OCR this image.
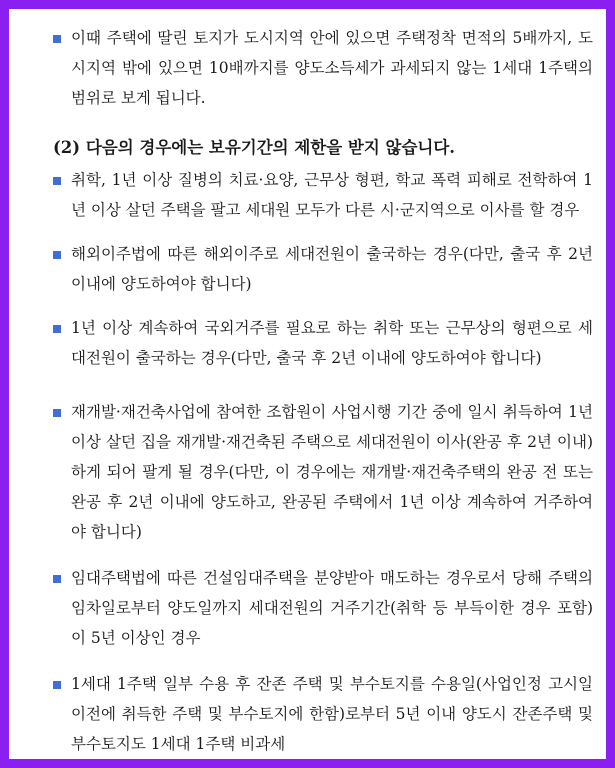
이때 주택에 딸린 토지가 도시지역 안에 있으면 주택정착 면적의 5배까지, 도시지역 밖에 있으면 10배까지를 양도소득세가 과세되지 않는 1세대 1주택의 범위로 보게 됩니다.

(2) 다음의 경우에는 보유기간의 제한을 받지 않습니다.

취학, 1년 이상 질병의 치료·요양, 근무상 형편, 학교 폭력 피해로 전학하여 1년 이상 살던 주택을 팔고 세대원 모두가 다른 시·군지역으로 이사를 할 경우

해외이주법에 따른 해외이주로 세대전원이 출국하는 경우(다만, 출국 후 2년 이내에 양도하여야 합니다)

1년 이상 계속하여 국외거주를 필요로 하는 취학 또는 근무상의 형편으로 세대전원이 출국하는 경우(다만, 출국 후 2년 이내에 양도하여야 합니다)

재개발·재건축사업에 참여한 조합원이 사업시행 기간 중에 일시 취득하여 1년 이상 살던 집을 재개발·재건축된 주택으로 세대전원이 이사(완공 후 2년 이내)하게 되어 팔게 될 경우(다만, 이 경우에는 재개발·재건축주택의 완공 전 또는 완공 후 2년 이내에 양도하고, 완공된 주택에서 1년 이상 계속하여 거주하여야 합니다)

임대주택법에 따른 건설임대주택을 분양받아 매도하는 경우로서 당해 주택의 임차일로부터 양도일까지 세대전원의 거주기간(취학 등 부득이한 경우 포함)이 5년 이상인 경우

1세대 1주택 일부 수용 후 잔존 주택 및 부수토지를 수용일(사업인정 고시일 이전에 취득한 주택 및 부수토지에 한함)로부터 5년 이내 양도시 잔존주택 및 부수토지도 1세대 1주택 비과세
